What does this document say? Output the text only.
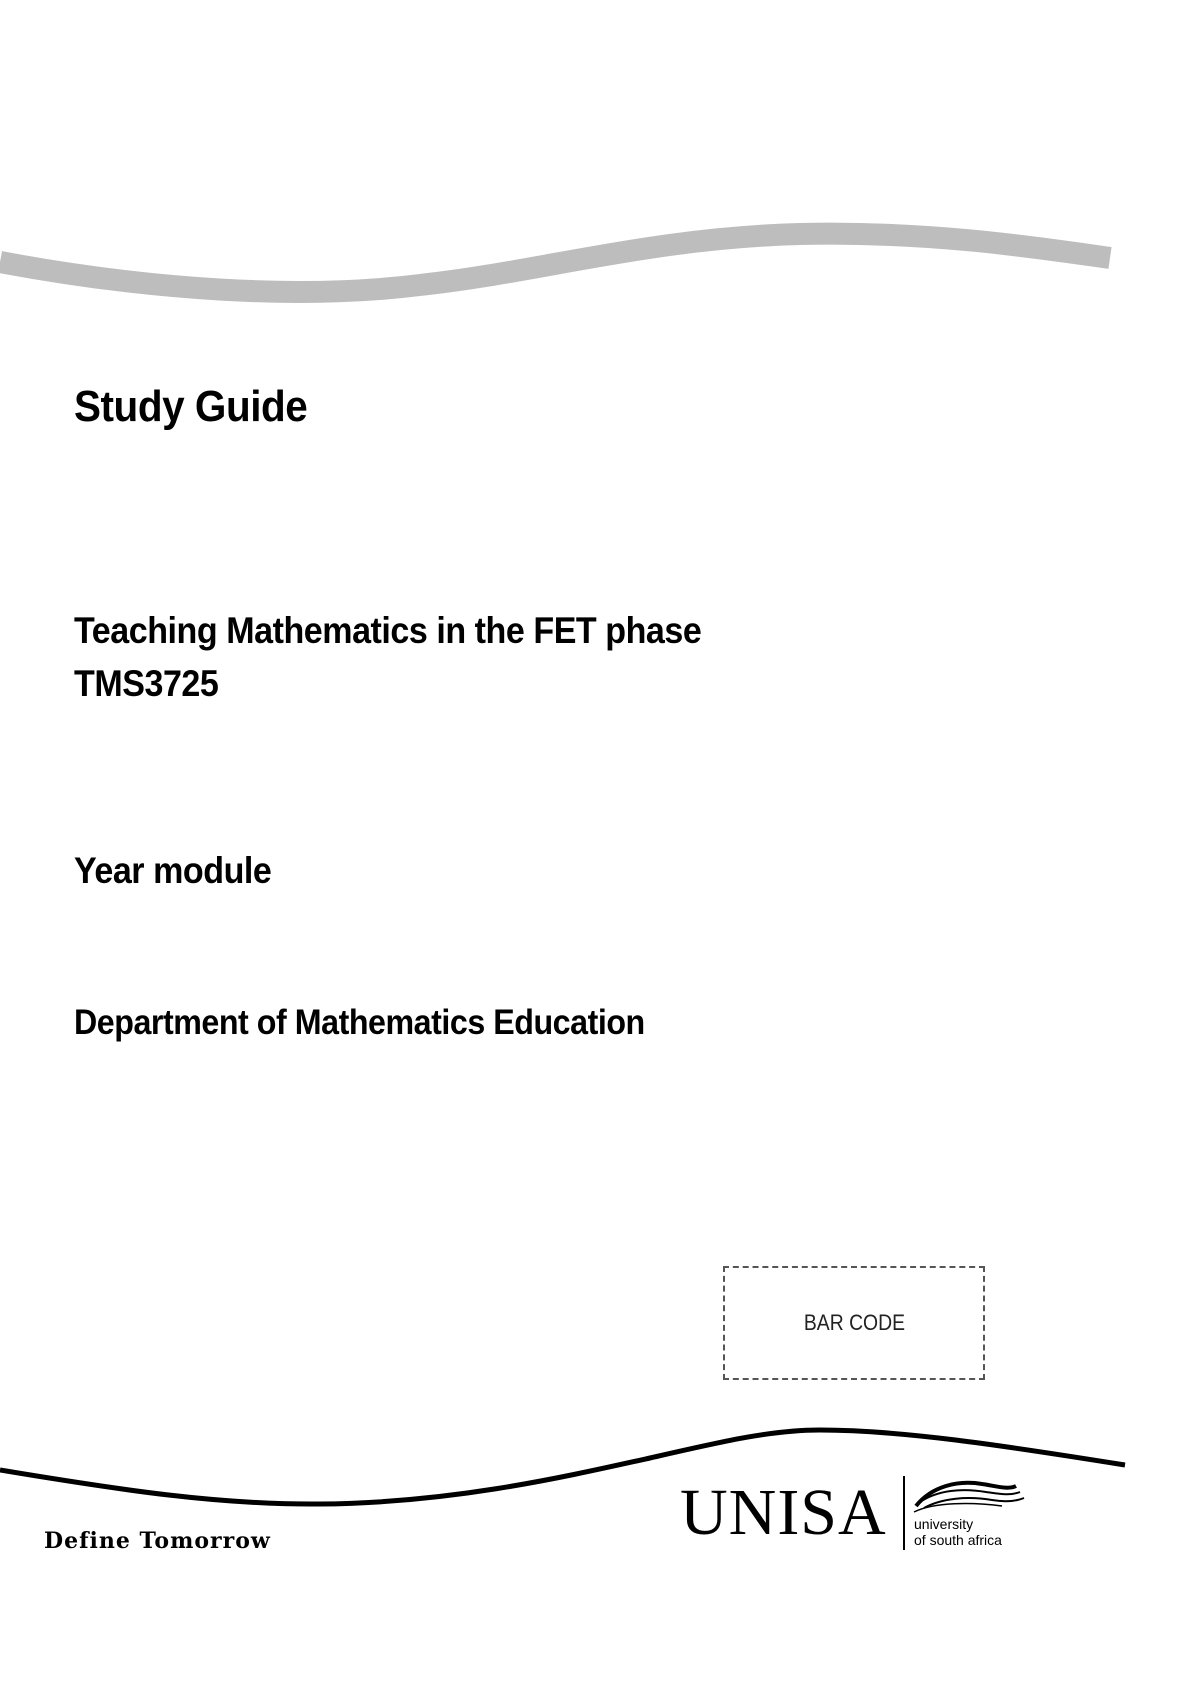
Study Guide
Teaching Mathematics in the FET phase
TMS3725
Year module
Department of Mathematics Education
BAR CODE
Define Tomorrow	UNISA university
of south africa
